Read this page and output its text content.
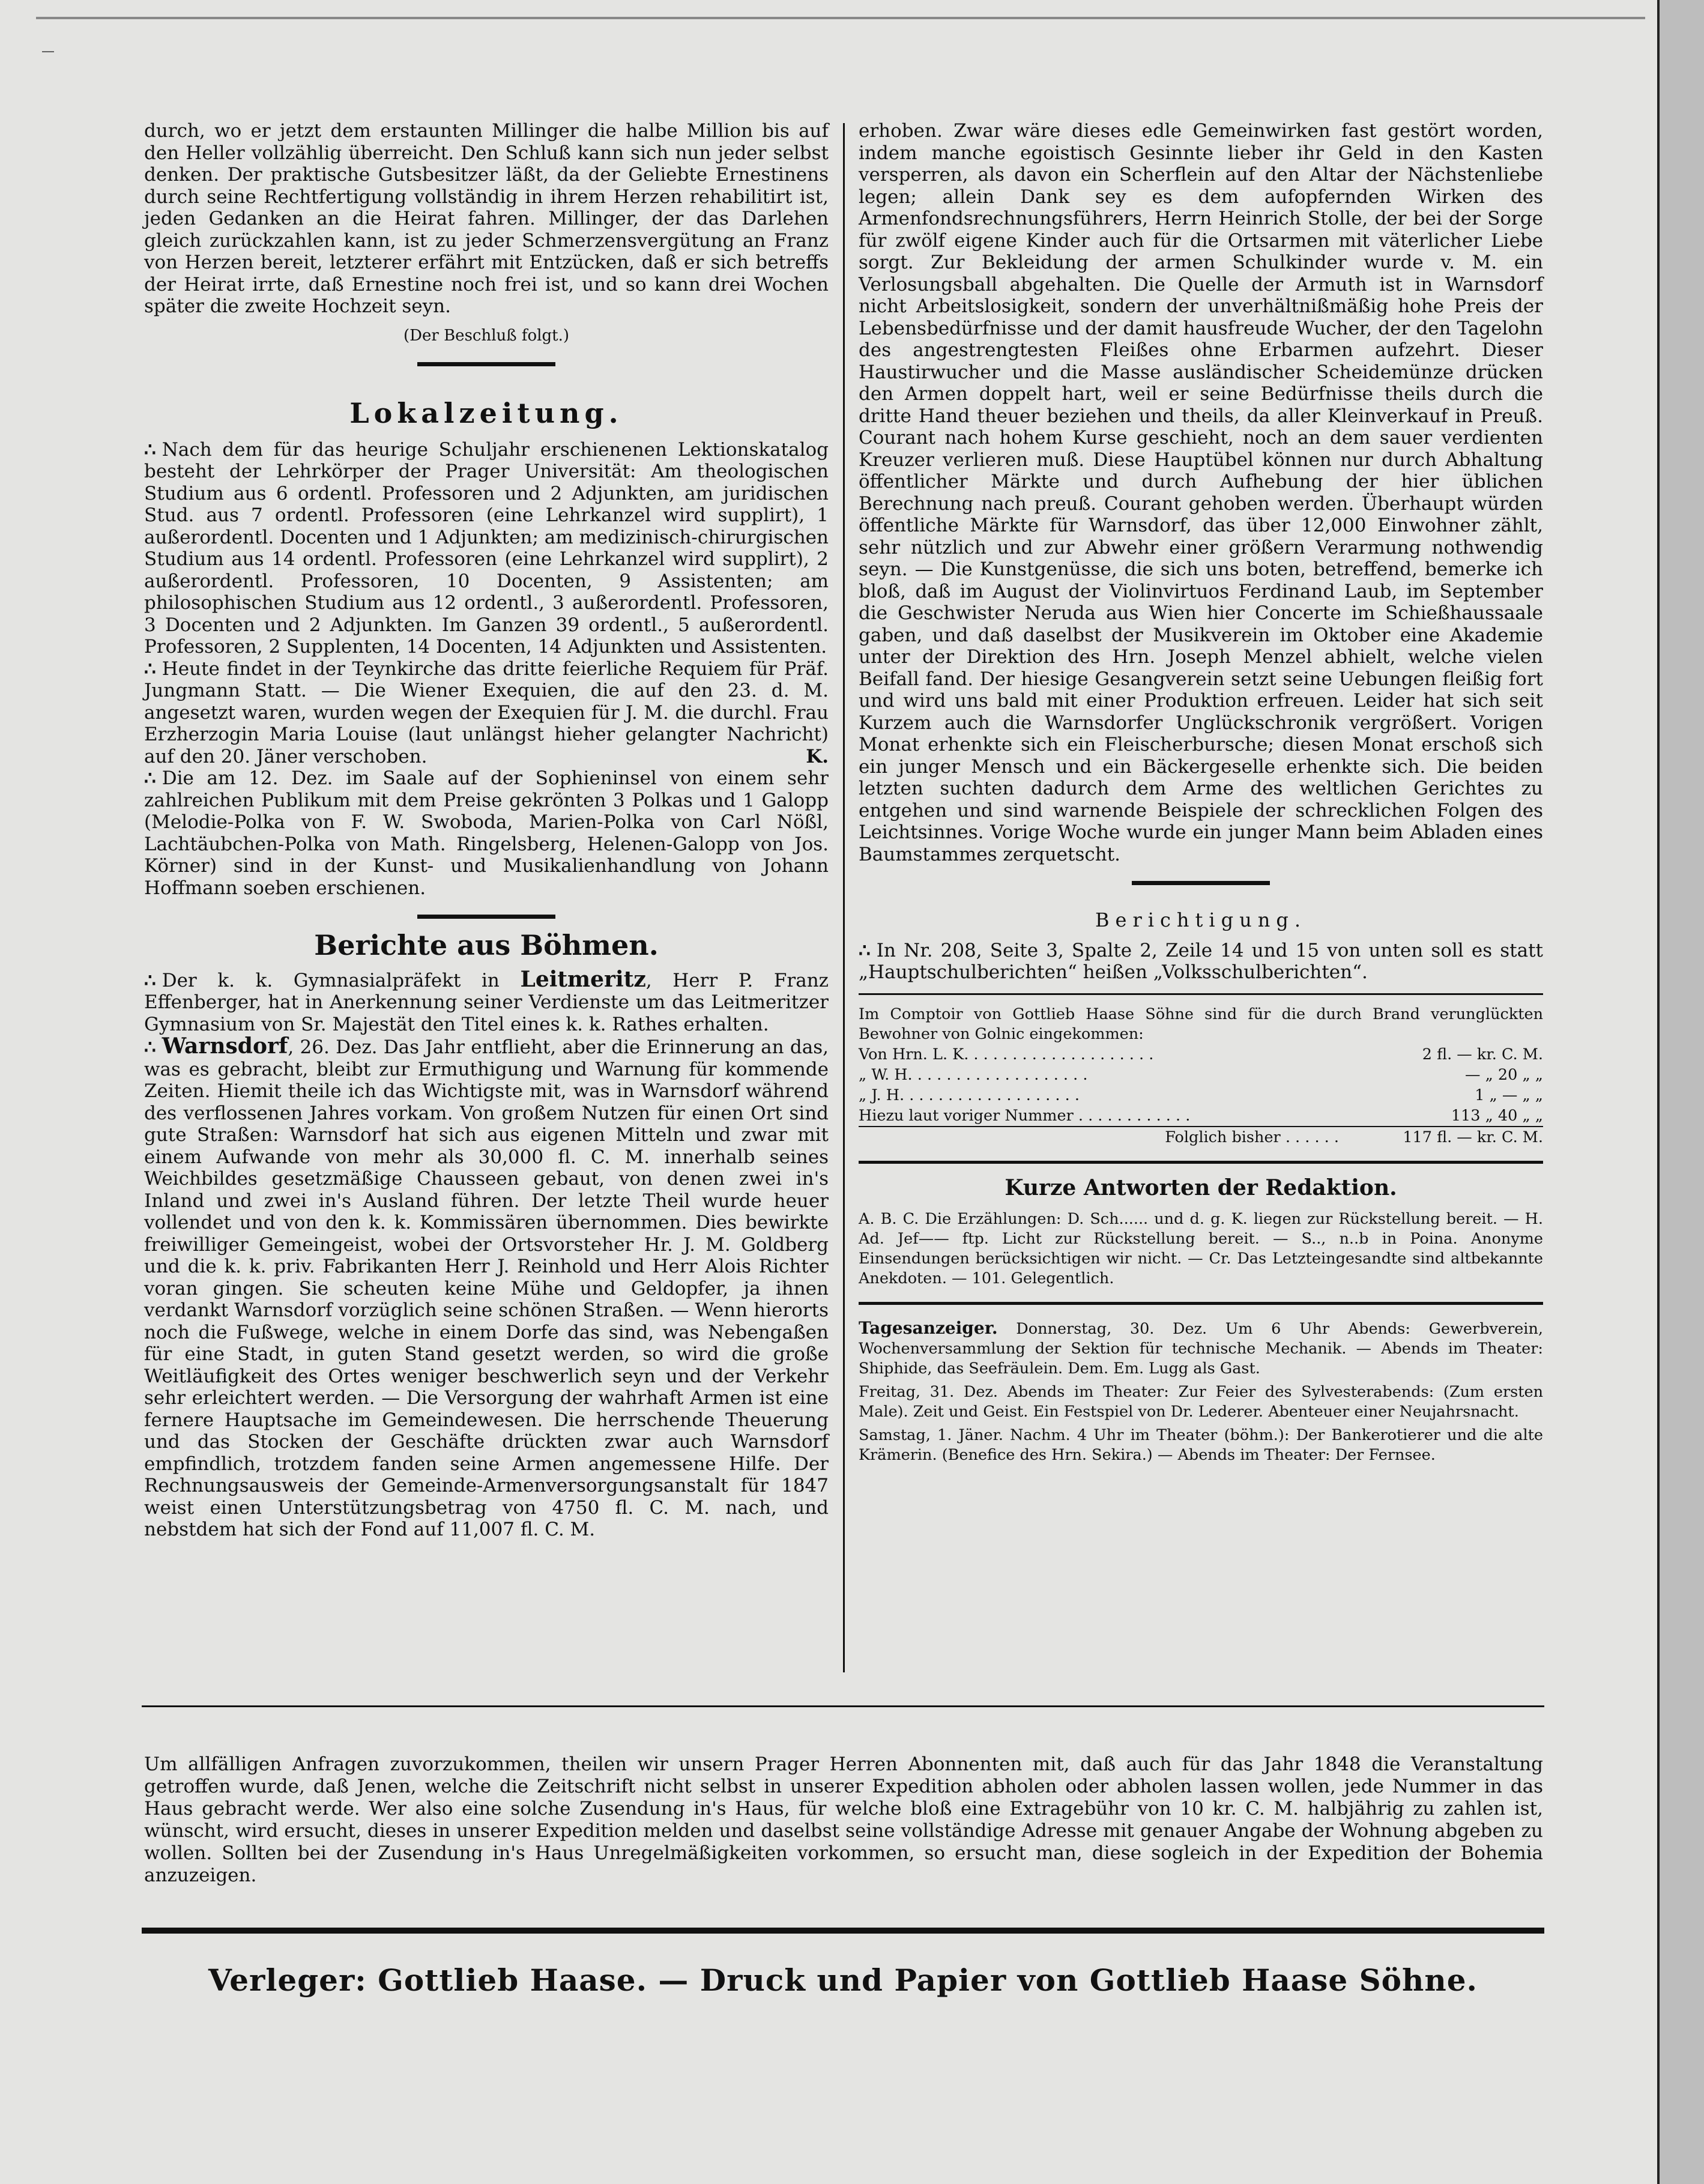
‾

durch, wo er jetzt dem erstaunten Millinger die halbe Million bis auf den Heller vollzählig überreicht. Den Schluß kann sich nun jeder selbst denken. Der praktische Gutsbesitzer läßt, da der Geliebte Ernestinens durch seine Rechtfertigung vollständig in ihrem Herzen rehabilitirt ist, jeden Gedanken an die Heirat fahren. Millinger, der das Darlehen gleich zurückzahlen kann, ist zu jeder Schmerzensvergütung an Franz von Herzen bereit, letzterer erfährt mit Entzücken, daß er sich betreffs der Heirat irrte, daß Ernestine noch frei ist, und so kann drei Wochen später die zweite Hochzeit seyn.

(Der Beschluß folgt.)
Lokalzeitung.

∴ Nach dem für das heurige Schuljahr erschienenen Lektionskatalog besteht der Lehrkörper der Prager Universität: Am theologischen Studium aus 6 ordentl. Professoren und 2 Adjunkten, am juridischen Stud. aus 7 ordentl. Professoren (eine Lehrkanzel wird supplirt), 1 außerordentl. Docenten und 1 Adjunkten; am medizinisch-chirurgischen Studium aus 14 ordentl. Professoren (eine Lehrkanzel wird supplirt), 2 außerordentl. Professoren, 10 Docenten, 9 Assistenten; am philosophischen Studium aus 12 ordentl., 3 außerordentl. Professoren, 3 Docenten und 2 Adjunkten. Im Ganzen 39 ordentl., 5 außerordentl. Professoren, 2 Supplenten, 14 Docenten, 14 Adjunkten und Assistenten.

∴ Heute findet in der Teynkirche das dritte feierliche Requiem für Präf. Jungmann Statt. — Die Wiener Exequien, die auf den 23. d. M. angesetzt waren, wurden wegen der Exequien für J. M. die durchl. Frau Erzherzogin Maria Louise (laut unlängst hieher gelangter Nachricht) auf den 20. Jäner verschoben.	K.

∴ Die am 12. Dez. im Saale auf der Sophieninsel von einem sehr zahlreichen Publikum mit dem Preise gekrönten 3 Polkas und 1 Galopp (Melodie-Polka von F. W. Swoboda, Marien-Polka von Carl Nößl, Lachtäubchen-Polka von Math. Ringelsberg, Helenen-Galopp von Jos. Körner) sind in der Kunst- und Musikalienhandlung von Johann Hoffmann soeben erschienen.

Berichte aus Böhmen.

∴ Der k. k. Gymnasialpräfekt in Leitmeritz, Herr P. Franz Effenberger, hat in Anerkennung seiner Verdienste um das Leitmeritzer Gymnasium von Sr. Majestät den Titel eines k. k. Rathes erhalten.

∴ Warnsdorf, 26. Dez. Das Jahr entflieht, aber die Erinnerung an das, was es gebracht, bleibt zur Ermuthigung und Warnung für kommende Zeiten. Hiemit theile ich das Wichtigste mit, was in Warnsdorf während des verflossenen Jahres vorkam. Von großem Nutzen für einen Ort sind gute Straßen: Warnsdorf hat sich aus eigenen Mitteln und zwar mit einem Aufwande von mehr als 30,000 fl. C. M. innerhalb seines Weichbildes gesetzmäßige Chausseen gebaut, von denen zwei in's Inland und zwei in's Ausland führen. Der letzte Theil wurde heuer vollendet und von den k. k. Kommissären übernommen. Dies bewirkte freiwilliger Gemeingeist, wobei der Ortsvorsteher Hr. J. M. Goldberg und die k. k. priv. Fabrikanten Herr J. Reinhold und Herr Alois Richter voran gingen. Sie scheuten keine Mühe und Geldopfer, ja ihnen verdankt Warnsdorf vorzüglich seine schönen Straßen. — Wenn hierorts noch die Fußwege, welche in einem Dorfe das sind, was Nebengaßen für eine Stadt, in guten Stand gesetzt werden, so wird die große Weitläufigkeit des Ortes weniger beschwerlich seyn und der Verkehr sehr erleichtert werden. — Die Versorgung der wahrhaft Armen ist eine fernere Hauptsache im Gemeindewesen. Die herrschende Theuerung und das Stocken der Geschäfte drückten zwar auch Warnsdorf empfindlich, trotzdem fanden seine Armen angemessene Hilfe. Der Rechnungsausweis der Gemeinde-Armenversorgungsanstalt für 1847 weist einen Unterstützungsbetrag von 4750 fl. C. M. nach, und nebstdem hat sich der Fond auf 11,007 fl. C. M.

erhoben. Zwar wäre dieses edle Gemeinwirken fast gestört worden, indem manche egoistisch Gesinnte lieber ihr Geld in den Kasten versperren, als davon ein Scherflein auf den Altar der Nächstenliebe legen; allein Dank sey es dem aufopfernden Wirken des Armenfondsrechnungsführers, Herrn Heinrich Stolle, der bei der Sorge für zwölf eigene Kinder auch für die Ortsarmen mit väterlicher Liebe sorgt. Zur Bekleidung der armen Schulkinder wurde v. M. ein Verlosungsball abgehalten. Die Quelle der Armuth ist in Warnsdorf nicht Arbeitslosigkeit, sondern der unverhältnißmäßig hohe Preis der Lebensbedürfnisse und der damit hausfreude Wucher, der den Tagelohn des angestrengtesten Fleißes ohne Erbarmen aufzehrt. Dieser Haustirwucher und die Masse ausländischer Scheidemünze drücken den Armen doppelt hart, weil er seine Bedürfnisse theils durch die dritte Hand theuer beziehen und theils, da aller Kleinverkauf in Preuß. Courant nach hohem Kurse geschieht, noch an dem sauer verdienten Kreuzer verlieren muß. Diese Hauptübel können nur durch Abhaltung öffentlicher Märkte und durch Aufhebung der hier üblichen Berechnung nach preuß. Courant gehoben werden. Überhaupt würden öffentliche Märkte für Warnsdorf, das über 12,000 Einwohner zählt, sehr nützlich und zur Abwehr einer größern Verarmung nothwendig seyn. — Die Kunstgenüsse, die sich uns boten, betreffend, bemerke ich bloß, daß im August der Violinvirtuos Ferdinand Laub, im September die Geschwister Neruda aus Wien hier Concerte im Schießhaussaale gaben, und daß daselbst der Musikverein im Oktober eine Akademie unter der Direktion des Hrn. Joseph Menzel abhielt, welche vielen Beifall fand. Der hiesige Gesangverein setzt seine Uebungen fleißig fort und wird uns bald mit einer Produktion erfreuen. Leider hat sich seit Kurzem auch die Warnsdorfer Unglückschronik vergrößert. Vorigen Monat erhenkte sich ein Fleischerbursche; diesen Monat erschoß sich ein junger Mensch und ein Bäckergeselle erhenkte sich. Die beiden letzten suchten dadurch dem Arme des weltlichen Gerichtes zu entgehen und sind warnende Beispiele der schrecklichen Folgen des Leichtsinnes. Vorige Woche wurde ein junger Mann beim Abladen eines Baumstammes zerquetscht.

Berichtigung.

∴ In Nr. 208, Seite 3, Spalte 2, Zeile 14 und 15 von unten soll es statt „Hauptschulberichten“ heißen „Volksschulberichten“.

Im Comptoir von Gottlieb Haase Söhne sind für die durch Brand verunglückten Bewohner von Golnic eingekommen:
Von Hrn. L. K. . . . . . . . . . . . . . . . . . . .	2 fl. — kr. C. M.
„ W. H. . . . . . . . . . . . . . . . . . .	— „ 20 „ „
„ J. H. . . . . . . . . . . . . . . . . . .	1 „ — „ „
Hiezu laut voriger Nummer . . . . . . . . . . . .	113 „ 40 „ „
Folglich bisher . . . . . .	117 fl. — kr. C. M.
Kurze Antworten der Redaktion.
A. B. C. Die Erzählungen: D. Sch...... und d. g. K. liegen zur Rückstellung bereit. — H. Ad. Jef—— ftp. Licht zur Rückstellung bereit. — S.., n..b in Poina. Anonyme Einsendungen berücksichtigen wir nicht. — Cr. Das Letzteingesandte sind altbekannte Anekdoten. — 101. Gelegentlich.
Tagesanzeiger. Donnerstag, 30. Dez. Um 6 Uhr Abends: Gewerbverein, Wochenversammlung der Sektion für technische Mechanik. — Abends im Theater: Shiphide, das Seefräulein. Dem. Em. Lugg als Gast.
Freitag, 31. Dez. Abends im Theater: Zur Feier des Sylvesterabends: (Zum ersten Male). Zeit und Geist. Ein Festspiel von Dr. Lederer. Abenteuer einer Neujahrsnacht.
Samstag, 1. Jäner. Nachm. 4 Uhr im Theater (böhm.): Der Bankerotierer und die alte Krämerin. (Benefice des Hrn. Sekira.) — Abends im Theater: Der Fernsee.
Um allfälligen Anfragen zuvorzukommen, theilen wir unsern Prager Herren Abonnenten mit, daß auch für das Jahr 1848 die Veranstaltung getroffen wurde, daß Jenen, welche die Zeitschrift nicht selbst in unserer Expedition abholen oder abholen lassen wollen, jede Nummer in das Haus gebracht werde. Wer also eine solche Zusendung in's Haus, für welche bloß eine Extragebühr von 10 kr. C. M. halbjährig zu zahlen ist, wünscht, wird ersucht, dieses in unserer Expedition melden und daselbst seine vollständige Adresse mit genauer Angabe der Wohnung abgeben zu wollen. Sollten bei der Zusendung in's Haus Unregelmäßigkeiten vorkommen, so ersucht man, diese sogleich in der Expedition der Bohemia anzuzeigen.
Verleger: Gottlieb Haase. — Druck und Papier von Gottlieb Haase Söhne.
